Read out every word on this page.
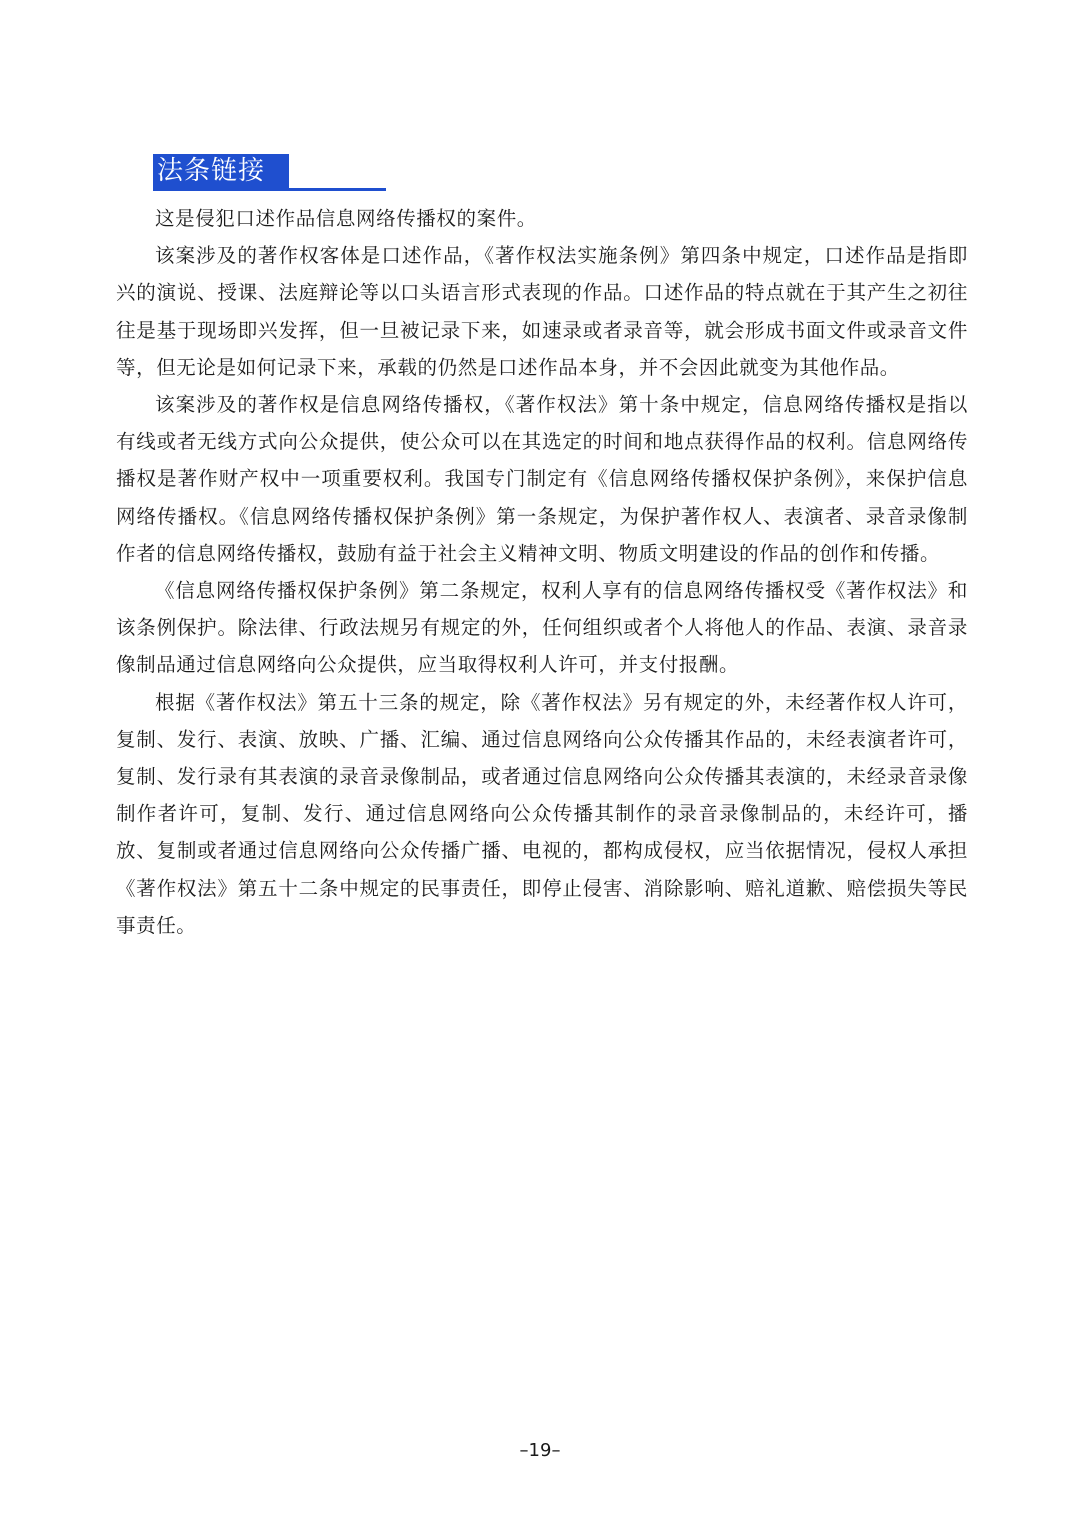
法条链接

这是侵犯口述作品信息网络传播权的案件。

该案涉及的著作权客体是口述作品，《著作权法实施条例》第四条中规定，口述作品是指即兴的演说、授课、法庭辩论等以口头语言形式表现的作品。口述作品的特点就在于其产生之初往往是基于现场即兴发挥，但一旦被记录下来，如速录或者录音等，就会形成书面文件或录音文件等，但无论是如何记录下来，承载的仍然是口述作品本身，并不会因此就变为其他作品。

该案涉及的著作权是信息网络传播权，《著作权法》第十条中规定，信息网络传播权是指以有线或者无线方式向公众提供，使公众可以在其选定的时间和地点获得作品的权利。信息网络传播权是著作财产权中一项重要权利。我国专门制定有《信息网络传播权保护条例》，来保护信息网络传播权。《信息网络传播权保护条例》第一条规定，为保护著作权人、表演者、录音录像制作者的信息网络传播权，鼓励有益于社会主义精神文明、物质文明建设的作品的创作和传播。

《信息网络传播权保护条例》第二条规定，权利人享有的信息网络传播权受《著作权法》和该条例保护。除法律、行政法规另有规定的外，任何组织或者个人将他人的作品、表演、录音录像制品通过信息网络向公众提供，应当取得权利人许可，并支付报酬。

根据《著作权法》第五十三条的规定，除《著作权法》另有规定的外，未经著作权人许可，复制、发行、表演、放映、广播、汇编、通过信息网络向公众传播其作品的，未经表演者许可，复制、发行录有其表演的录音录像制品，或者通过信息网络向公众传播其表演的，未经录音录像制作者许可，复制、发行、通过信息网络向公众传播其制作的录音录像制品的，未经许可，播放、复制或者通过信息网络向公众传播广播、电视的，都构成侵权，应当依据情况，侵权人承担《著作权法》第五十二条中规定的民事责任，即停止侵害、消除影响、赔礼道歉、赔偿损失等民事责任。

–19–
